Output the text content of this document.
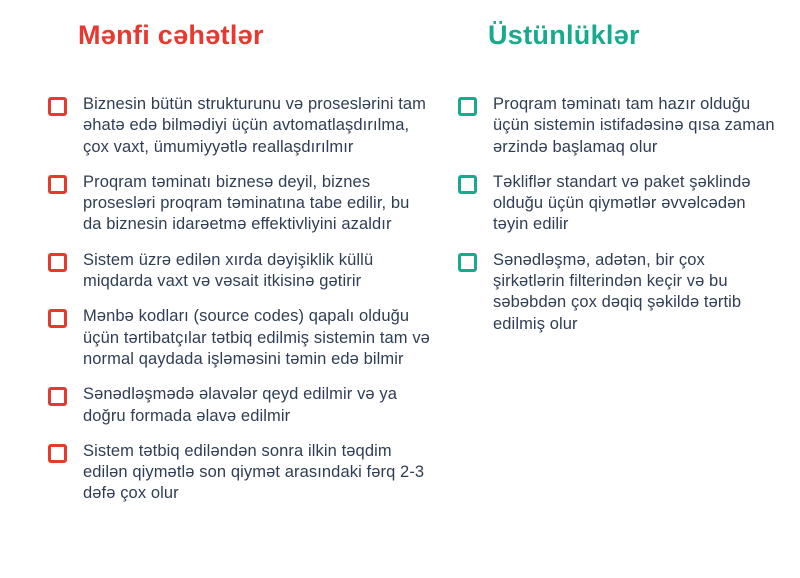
Mənfi cəhətlər
Biznesin bütün strukturunu və proseslərini tam əhatə edə bilmədiyi üçün avtomatlaşdırılma, çox vaxt, ümumiyyətlə reallaşdırılmır
Proqram təminatı biznesə deyil, biznes prosesləri proqram təminatına tabe edilir, bu da biznesin idarəetmə effektivliyini azaldır
Sistem üzrə edilən xırda dəyişiklik küllü miqdarda vaxt və vəsait itkisinə gətirir
Mənbə kodları (source codes) qapalı olduğu üçün tərtibatçılar tətbiq edilmiş sistemin tam və normal qaydada işləməsini təmin edə bilmir
Sənədləşmədə əlavələr qeyd edilmir və ya doğru formada əlavə edilmir
Sistem tətbiq ediləndən sonra ilkin təqdim edilən qiymətlə son qiymət arasındaki fərq 2-3 dəfə çox olur
Üstünlüklər
Proqram təminatı tam hazır olduğu üçün sistemin istifadəsinə qısa zaman ərzində başlamaq olur
Təkliflər standart və paket şəklində olduğu üçün qiymətlər əvvəlcədən təyin edilir
Sənədləşmə, adətən, bir çox şirkətlərin filterindən keçir və bu səbəbdən çox dəqiq şəkildə tərtib edilmiş olur
